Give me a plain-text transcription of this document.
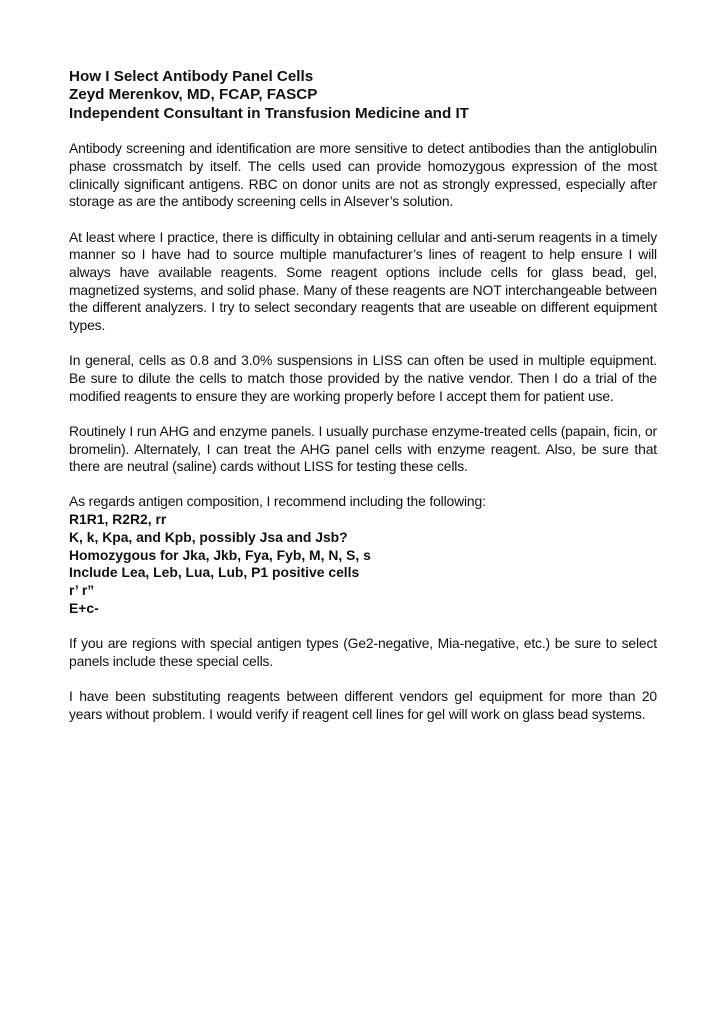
How I Select Antibody Panel Cells

Zeyd Merenkov, MD, FCAP, FASCP

Independent Consultant in Transfusion Medicine and IT

Antibody screening and identification are more sensitive to detect antibodies than the antiglobulin phase crossmatch by itself. The cells used can provide homozygous expression of the most clinically significant antigens. RBC on donor units are not as strongly expressed, especially after storage as are the antibody screening cells in Alsever’s solution.

At least where I practice, there is difficulty in obtaining cellular and anti-serum reagents in a timely manner so I have had to source multiple manufacturer’s lines of reagent to help ensure I will always have available reagents. Some reagent options include cells for glass bead, gel, magnetized systems, and solid phase. Many of these reagents are NOT interchangeable between the different analyzers. I try to select secondary reagents that are useable on different equipment types.

In general, cells as 0.8 and 3.0% suspensions in LISS can often be used in multiple equipment. Be sure to dilute the cells to match those provided by the native vendor. Then I do a trial of the modified reagents to ensure they are working properly before I accept them for patient use.

Routinely I run AHG and enzyme panels. I usually purchase enzyme-treated cells (papain, ficin, or bromelin). Alternately, I can treat the AHG panel cells with enzyme reagent. Also, be sure that there are neutral (saline) cards without LISS for testing these cells.

As regards antigen composition, I recommend including the following:

R1R1, R2R2, rr

K, k, Kpa, and Kpb, possibly Jsa and Jsb?

Homozygous for Jka, Jkb, Fya, Fyb, M, N, S, s

Include Lea, Leb, Lua, Lub, P1 positive cells

r’ r”

E+c-

If you are regions with special antigen types (Ge2-negative, Mia-negative, etc.) be sure to select panels include these special cells.

I have been substituting reagents between different vendors gel equipment for more than 20 years without problem. I would verify if reagent cell lines for gel will work on glass bead systems.
